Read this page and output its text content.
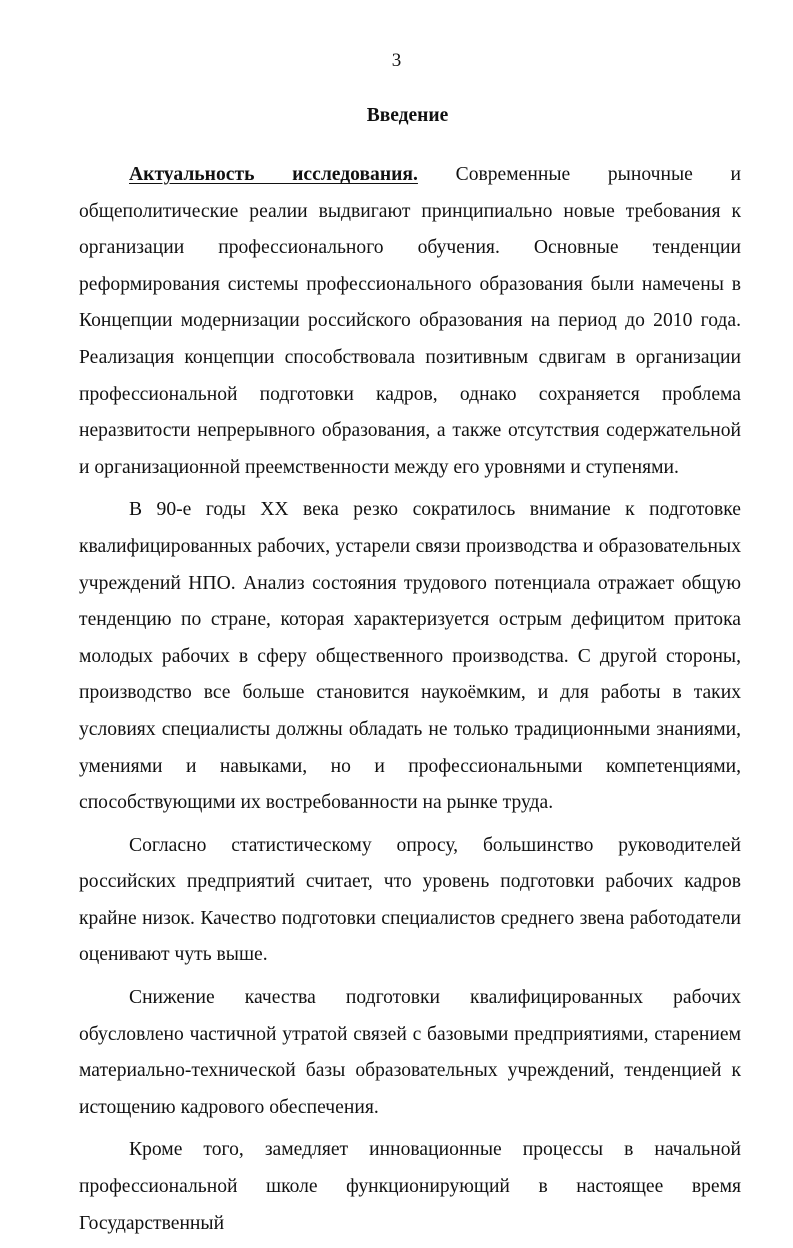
3
Введение

Актуальность исследования. Современные рыночные и общеполитические реалии выдвигают принципиально новые требования к организации профессионального обучения. Основные тенденции реформирования системы профессионального образования были намечены в Концепции модернизации российского образования на период до 2010 года. Реализация концепции способствовала позитивным сдвигам в организации профессиональной подготовки кадров, однако сохраняется проблема неразвитости непрерывного образования, а также отсутствия содержательной и организационной преемственности между его уровнями и ступенями.

В 90-е годы XX века резко сократилось внимание к подготовке квалифицированных рабочих, устарели связи производства и образовательных учреждений НПО. Анализ состояния трудового потенциала отражает общую тенденцию по стране, которая характеризуется острым дефицитом притока молодых рабочих в сферу общественного производства. С другой стороны, производство все больше становится наукоёмким, и для работы в таких условиях специалисты должны обладать не только традиционными знаниями, умениями и навыками, но и профессиональными компетенциями, способствующими их востребованности на рынке труда.

Согласно статистическому опросу, большинство руководителей российских предприятий считает, что уровень подготовки рабочих кадров крайне низок. Качество подготовки специалистов среднего звена работодатели оценивают чуть выше.

Снижение качества подготовки квалифицированных рабочих обусловлено частичной утратой связей с базовыми предприятиями, старением материально-технической базы образовательных учреждений, тенденцией к истощению кадрового обеспечения.

Кроме того, замедляет инновационные процессы в начальной профессиональной школе функционирующий в настоящее время Государственный
